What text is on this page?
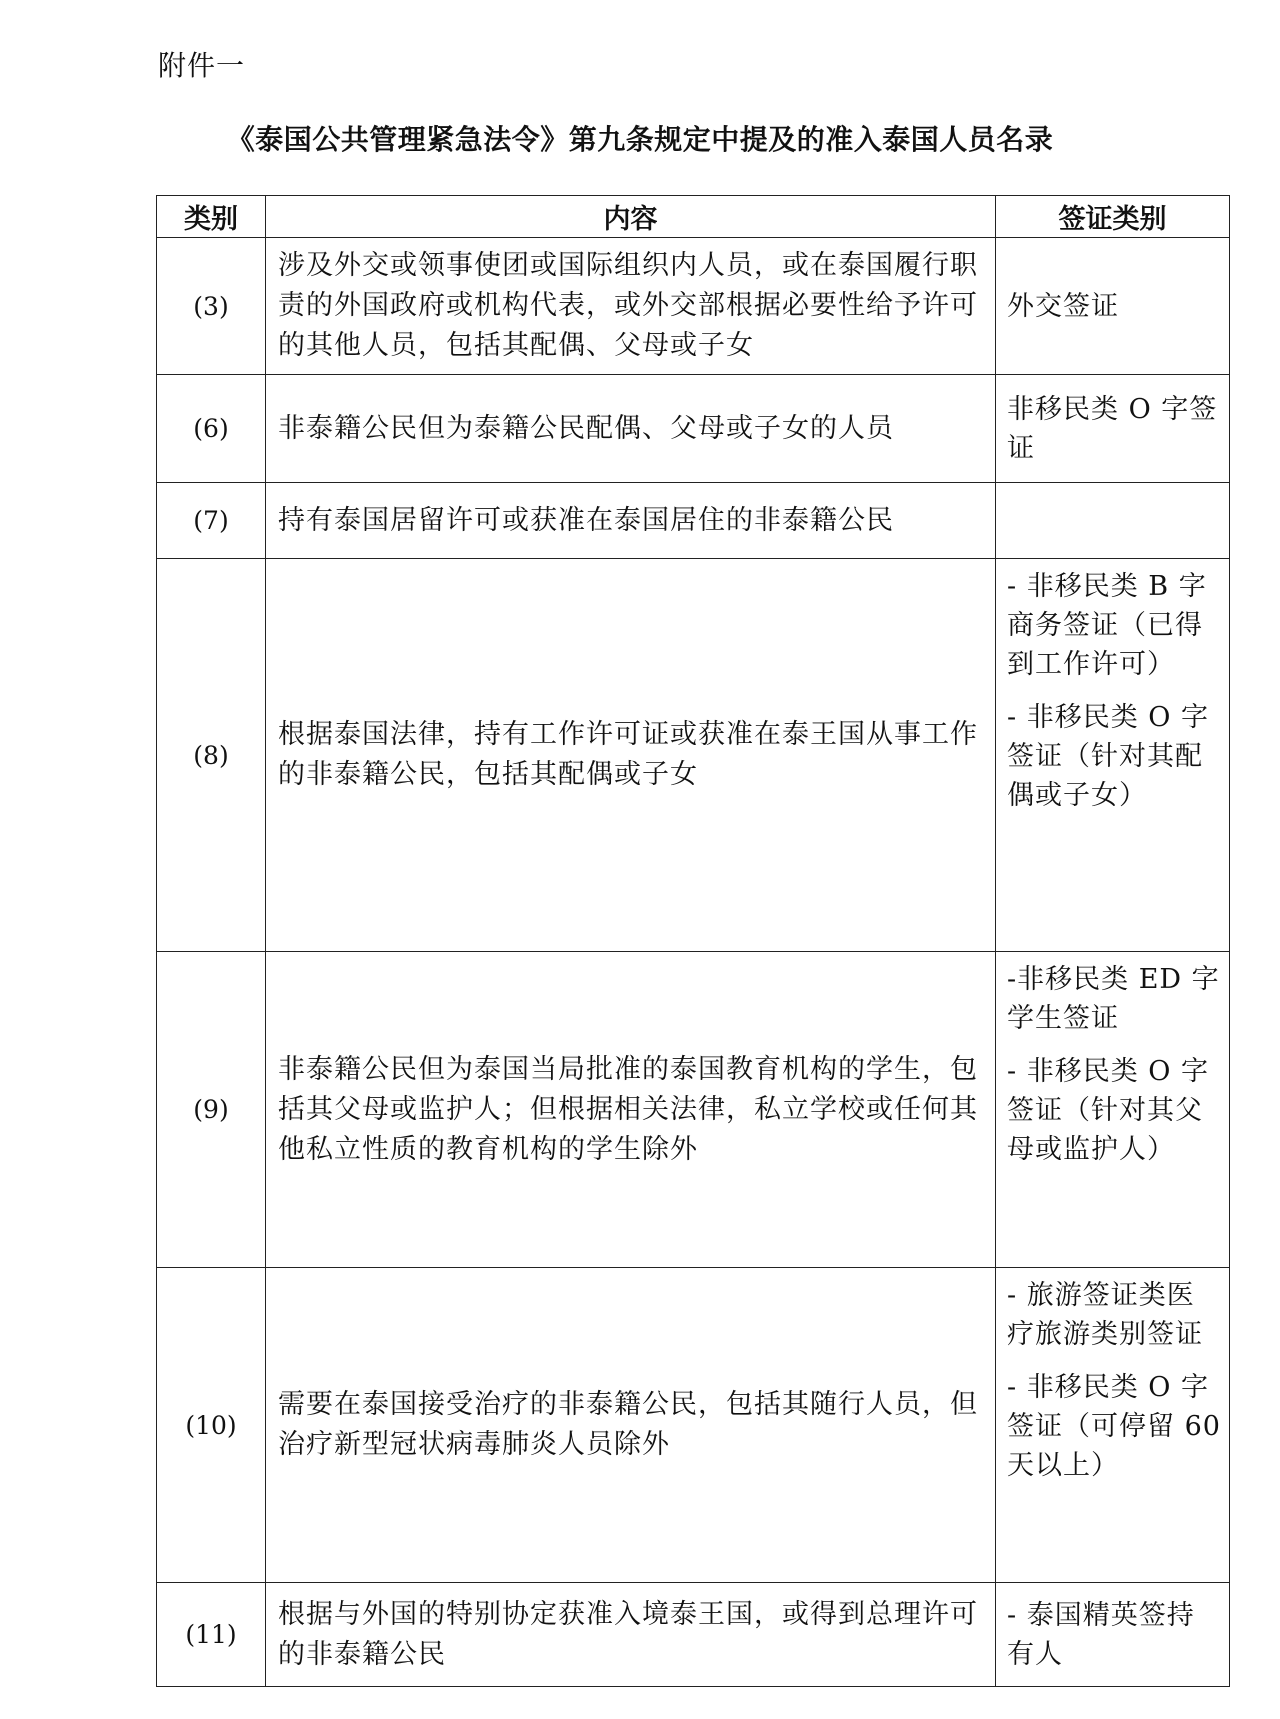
附件一
《泰国公共管理紧急法令》第九条规定中提及的准入泰国人员名录
类别	内容	签证类别
(3)	涉及外交或领事使团或国际组织内人员，或在泰国履行职责的外国政府或机构代表，或外交部根据必要性给予许可的其他人员，包括其配偶、父母或子女	外交签证

(6)	非泰籍公民但为泰籍公民配偶、父母或子女的人员	非移民类 O 字签证

(7)	持有泰国居留许可或获准在泰国居住的非泰籍公民	
(8)	根据泰国法律，持有工作许可证或获准在泰王国从事工作的非泰籍公民，包括其配偶或子女	- 非移民类 B 字商务签证（已得到工作许可）
- 非移民类 O 字签证（针对其配偶或子女）

(9)	非泰籍公民但为泰国当局批准的泰国教育机构的学生，包括其父母或监护人；但根据相关法律，私立学校或任何其他私立性质的教育机构的学生除外	-非移民类 ED 字学生签证
- 非移民类 O 字签证（针对其父母或监护人）

(10)	需要在泰国接受治疗的非泰籍公民，包括其随行人员，但治疗新型冠状病毒肺炎人员除外	- 旅游签证类医疗旅游类别签证
- 非移民类 O 字签证（可停留 60 天以上）

(11)	根据与外国的特别协定获准入境泰王国，或得到总理许可的非泰籍公民	- 泰国精英签持有人
